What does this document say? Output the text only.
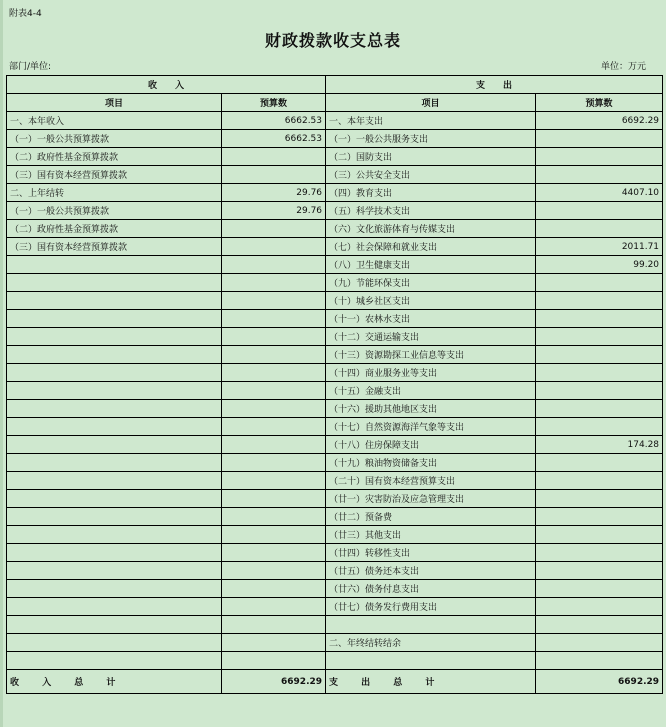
附表4-4
财政拨款收支总表
部门/单位:	单位：万元
收　　入		支　　出	
项目	预算数	项目	预算数
一、本年收入	6662.53	一、本年支出	6692.29
（一）一般公共预算拨款	6662.53	（一）一般公共服务支出	
（二）政府性基金预算拨款		（二）国防支出	
（三）国有资本经营预算拨款		（三）公共安全支出	
二、上年结转	29.76	（四）教育支出	4407.10
（一）一般公共预算拨款	29.76	（五）科学技术支出	
（二）政府性基金预算拨款		（六）文化旅游体育与传媒支出	
（三）国有资本经营预算拨款		（七）社会保障和就业支出	2011.71
		（八）卫生健康支出	99.20
		（九）节能环保支出	
		（十）城乡社区支出	
		（十一）农林水支出	
		（十二）交通运输支出	
		（十三）资源勘探工业信息等支出	
		（十四）商业服务业等支出	
		（十五）金融支出	
		（十六）援助其他地区支出	
		（十七）自然资源海洋气象等支出	
		（十八）住房保障支出	174.28
		（十九）粮油物资储备支出	
		（二十）国有资本经营预算支出	
		（廿一）灾害防治及应急管理支出	
		（廿二）预备费	
		（廿三）其他支出	
		（廿四）转移性支出	
		（廿五）债务还本支出	
		（廿六）债务付息支出	
		（廿七）债务发行费用支出	

		二、年终结转结余	

收 入 总 计	6692.29	支 出 总 计	6692.29
